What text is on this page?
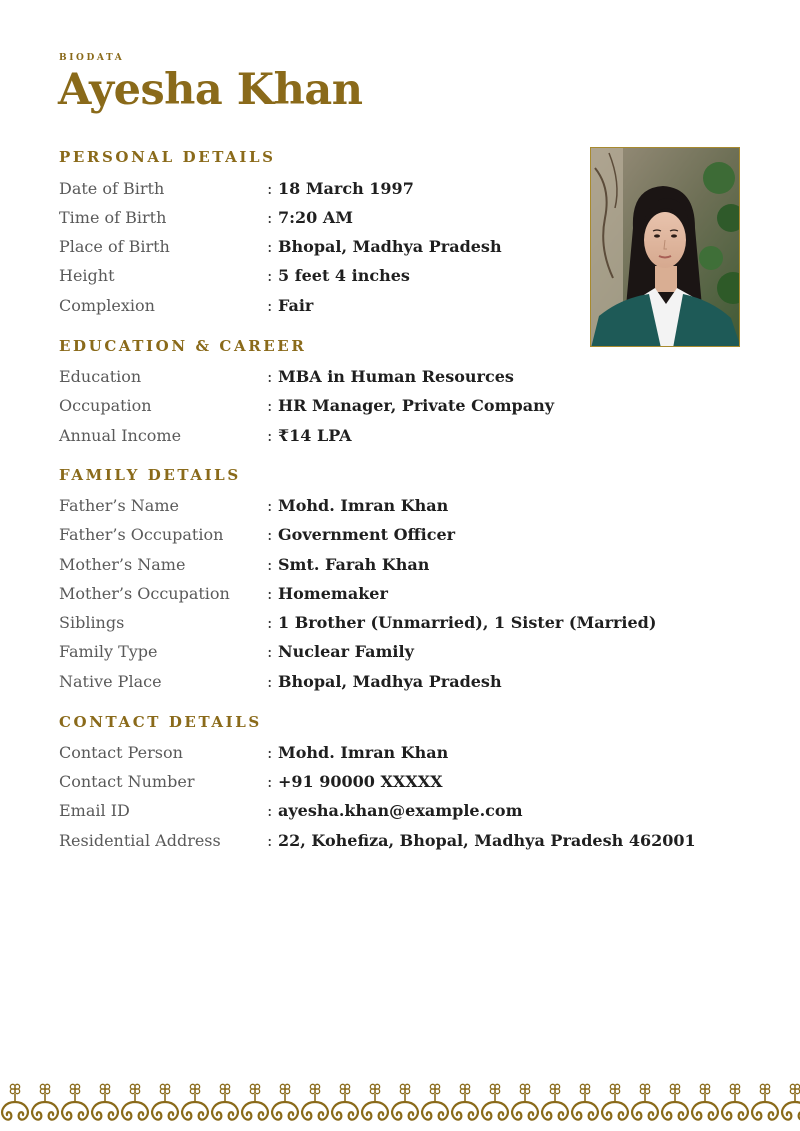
BIODATA
Ayesha Khan
PERSONAL DETAILS
Date of Birth	: 18 March 1997
Time of Birth	: 7:20 AM
Place of Birth	: Bhopal, Madhya Pradesh
Height	: 5 feet 4 inches
Complexion	: Fair
EDUCATION & CAREER
Education	: MBA in Human Resources
Occupation	: HR Manager, Private Company
Annual Income	: ₹14 LPA
FAMILY DETAILS
Father’s Name	: Mohd. Imran Khan
Father’s Occupation	: Government Officer
Mother’s Name	: Smt. Farah Khan
Mother’s Occupation : Homemaker
Siblings	: 1 Brother (Unmarried), 1 Sister (Married)
Family Type	: Nuclear Family
Native Place	: Bhopal, Madhya Pradesh
CONTACT DETAILS
Contact Person	: Mohd. Imran Khan
Contact Number	: +91 90000 XXXXX
Email ID	: ayesha.khan@example.com
Residential Address	: 22, Kohefiza, Bhopal, Madhya Pradesh 462001
